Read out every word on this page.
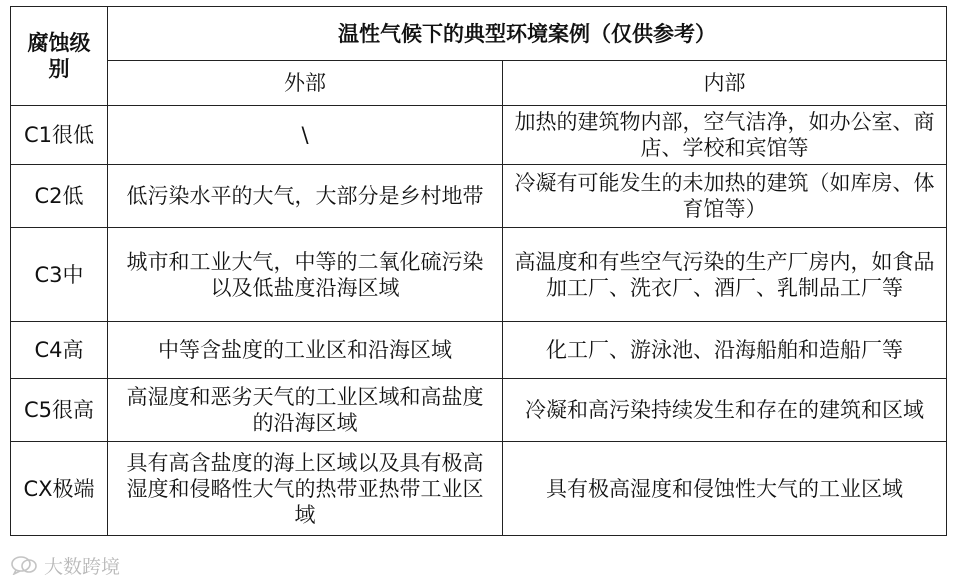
腐蚀级别	温性气候下的典型环境案例（仅供参考）	
	外部	内部
C1很低	\	加热的建筑物内部，空气洁净，如办公室、商店、学校和宾馆等
C2低	低污染水平的大气，大部分是乡村地带	冷凝有可能发生的未加热的建筑（如库房、体育馆等）
C3中	城市和工业大气，中等的二氧化硫污染以及低盐度沿海区域	高温度和有些空气污染的生产厂房内，如食品加工厂、洗衣厂、酒厂、乳制品工厂等
C4高	中等含盐度的工业区和沿海区域	化工厂、游泳池、沿海船舶和造船厂等
C5很高	高湿度和恶劣天气的工业区域和高盐度的沿海区域	冷凝和高污染持续发生和存在的建筑和区域
CX极端	具有高含盐度的海上区域以及具有极高湿度和侵略性大气的热带亚热带工业区域	具有极高湿度和侵蚀性大气的工业区域
大数跨境
